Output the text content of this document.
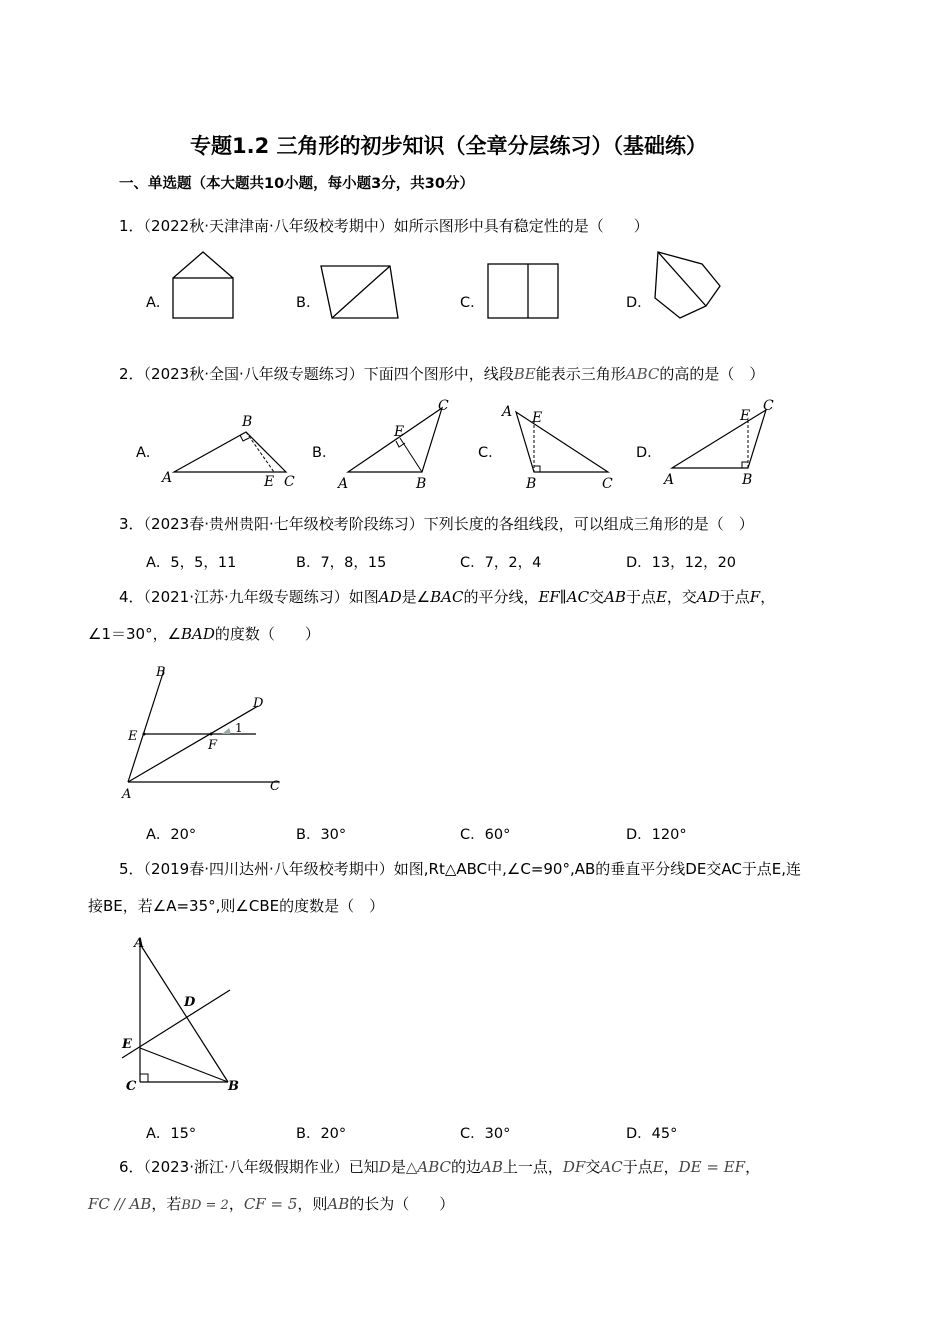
专题1.2 三角形的初步知识（全章分层练习）（基础练）
一、单选题（本大题共10小题，每小题3分，共30分）
1．（2022秋·天津津南·八年级校考期中）如所示图形中具有稳定性的是（　　）
A．	B．	C．	D．
2．（2023秋·全国·八年级专题练习）下面四个图形中，线段BE能表示三角形ABC的高的是（　）
A．	B．	C．	D．
B
A	E C
C
E
A	B
A E
B	C
E
C
A	B
3．（2023春·贵州贵阳·七年级校考阶段练习）下列长度的各组线段，可以组成三角形的是（　）
A．5，5，11	B．7，8，15	C．7，2，4	D．13，12，20
4．（2021·江苏·九年级专题练习）如图AD是∠BAC的平分线，EF∥AC交AB于点E，交AD于点F，
∠1＝30°，∠BAD的度数（　　）
B
D
1
E
F
A
C
A．20°	B．30°	C．60°	D．120°
5．（2019春·四川达州·八年级校考期中）如图,Rt△ABC中,∠C=90°,AB的垂直平分线DE交AC于点E,连
接BE，若∠A=35°,则∠CBE的度数是（　）
A
D
E
C	B
A．15°	B．20°	C．30°	D．45°
6．（2023·浙江·八年级假期作业）已知D是△ABC的边AB上一点，DF交AC于点E，DE = EF，
FC // AB，若BD = 2，CF = 5，则AB的长为（　　）
